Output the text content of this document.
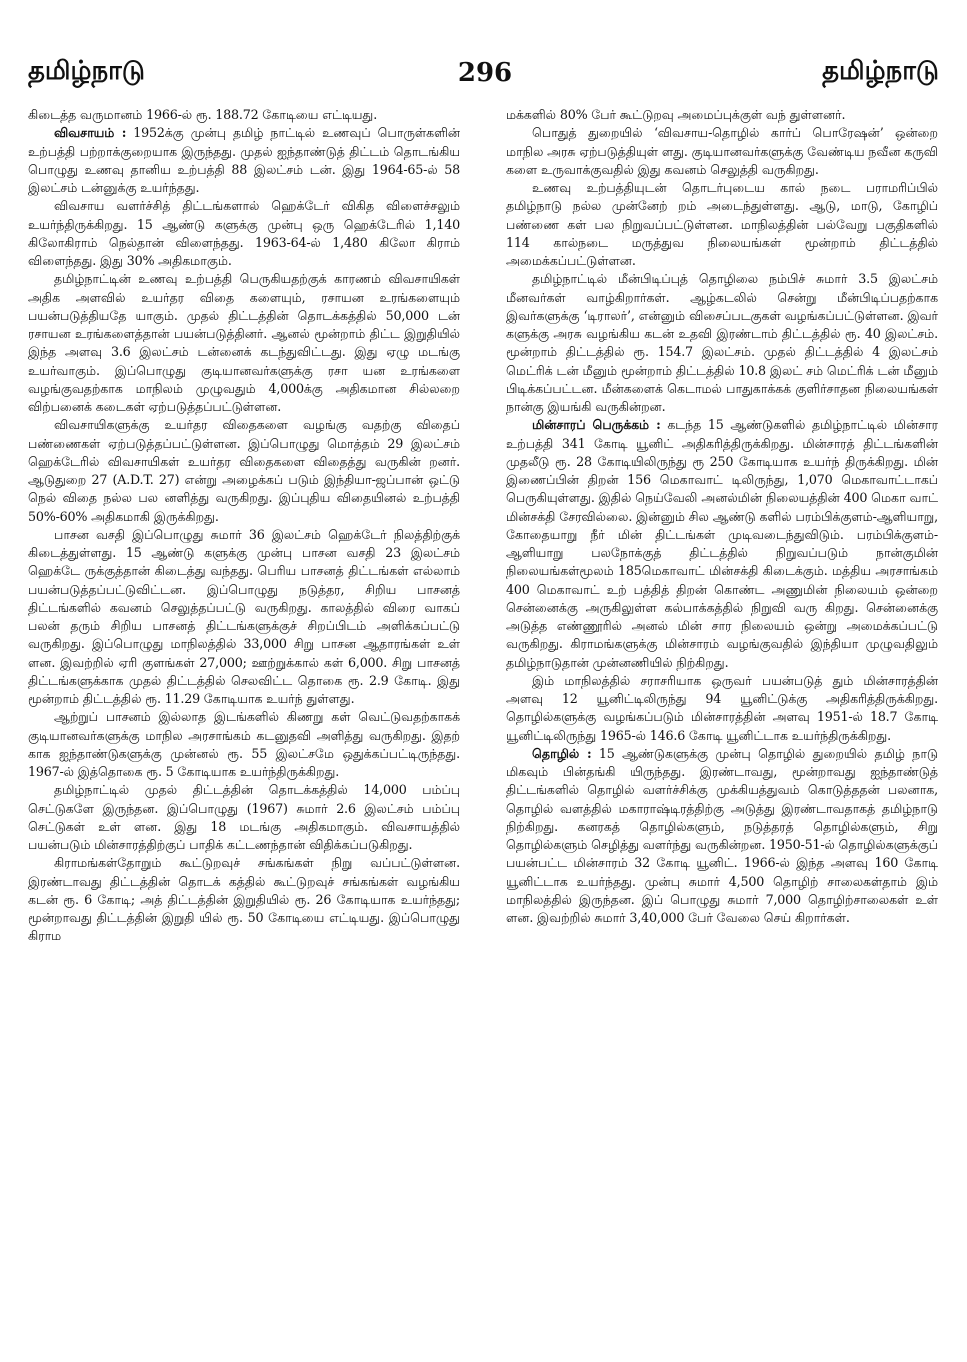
தமிழ்நாடு	296	தமிழ்நாடு

கிடைத்த வருமானம் 1966-ல் ரூ. 188.72 கோடியை எட்டியது.

விவசாயம் : 1952க்கு முன்பு தமிழ் நாட்டில் உணவுப் பொருள்களின் உற்பத்தி பற்றாக்குறையாக இருந்தது. முதல் ஐந்தாண்டுத் திட்டம் தொடங்கிய பொழுது உணவு தானிய உற்பத்தி 88 இலட்சம் டன். இது 1964-65-ல் 58 இலட்சம் டன்னுக்கு உயர்ந்தது.

விவசாய வளர்ச்சித் திட்டங்களால் ஹெக்டேர் விகித விளைச்சலும் உயர்ந்திருக்கிறது. 15 ஆண்டு களுக்கு முன்பு ஒரு ஹெக்டேரில் 1,140 கிலோகிராம் நெல்தான் விளைந்தது. 1963-64-ல் 1,480 கிலோ கிராம் விளைந்தது. இது 30% அதிகமாகும்.

தமிழ்நாட்டின் உணவு உற்பத்தி பெருகியதற்குக் காரணம் விவசாயிகள் அதிக அளவில் உயர்தர விதை களையும், ரசாயன உரங்களையும் பயன்படுத்தியதே யாகும். முதல் திட்டத்தின் தொடக்கத்தில் 50,000 டன் ரசாயன உரங்களைத்தான் பயன்படுத்தினர். ஆனல் மூன்றாம் திட்ட இறுதியில் இந்த அளவு 3.6 இலட்சம் டன்னைக் கடந்துவிட்டது. இது ஏழு மடங்கு உயர்வாகும். இப்பொழுது குடியானவர்களுக்கு ரசா யன உரங்களை வழங்குவதற்காக மாநிலம் முழுவதும் 4,000க்கு அதிகமான சில்லறை விற்பனைக் கடைகள் ஏற்படுத்தப்பட்டுள்ளன.

விவசாயிகளுக்கு உயர்தர விதைகளை வழங்கு வதற்கு விதைப் பண்ணைகள் ஏற்படுத்தப்பட்டுள்ளன. இப்பொழுது மொத்தம் 29 இலட்சம் ஹெக்டேரில் விவசாயிகள் உயர்தர விதைகளை விதைத்து வருகின் றனர். ஆடுதுறை 27 (A.D.T. 27) என்று அழைக்கப் படும் இந்தியா-ஜப்பான் ஒட்டு நெல் விதை நல்ல பல னளித்து வருகிறது. இப்புதிய விதையினல் உற்பத்தி 50%-60% அதிகமாகி இருக்கிறது.

பாசன வசதி இப்பொழுது சுமார் 36 இலட்சம் ஹெக்டேர் நிலத்திற்குக் கிடைத்துள்ளது. 15 ஆண்டு களுக்கு முன்பு பாசன வசதி 23 இலட்சம் ஹெக்டே ருக்குத்தான் கிடைத்து வந்தது. பெரிய பாசனத் திட்டங்கள் எல்லாம் பயன்படுத்தப்பட்டுவிட்டன. இப்பொழுது நடுத்தர, சிறிய பாசனத் திட்டங்களில் கவனம் செலுத்தப்பட்டு வருகிறது. காலத்தில் விரை வாகப் பலன் தரும் சிறிய பாசனத் திட்டங்களுக்குச் சிறப்பிடம் அளிக்கப்பட்டு வருகிறது. இப்பொழுது மாநிலத்தில் 33,000 சிறு பாசன ஆதாரங்கள் உள் ளன. இவற்றில் ஏரி குளங்கள் 27,000; ஊற்றுக்கால் கள் 6,000. சிறு பாசனத் திட்டங்களுக்காக முதல் திட்டத்தில் செலவிட்ட தொகை ரூ. 2.9 கோடி. இது மூன்றாம் திட்டத்தில் ரூ. 11.29 கோடியாக உயர்ந் துள்ளது.

ஆற்றுப் பாசனம் இல்லாத இடங்களில் கிணறு கள் வெட்டுவதற்காகக் குடியானவர்களுக்கு மாநில அரசாங்கம் கடனுதவி அளித்து வருகிறது. இதற் காக ஐந்தாண்டுகளுக்கு முன்னல் ரூ. 55 இலட்சமே ஒதுக்கப்பட்டிருந்தது. 1967-ல் இத்தொகை ரூ. 5 கோடியாக உயர்ந்திருக்கிறது.

தமிழ்நாட்டில் முதல் திட்டத்தின் தொடக்கத்தில் 14,000 பம்ப்பு செட்டுகளே இருந்தன. இப்பொழுது (1967) சுமார் 2.6 இலட்சம் பம்ப்பு செட்டுகள் உள் ளன. இது 18 மடங்கு அதிகமாகும். விவசாயத்தில் பயன்படும் மின்சாரத்திற்குப் பாதிக் கட்டணந்தான் விதிக்கப்படுகிறது.

கிராமங்கள்தோறும் கூட்டுறவுச் சங்கங்கள் நிறு வப்பட்டுள்ளன. இரண்டாவது திட்டத்தின் தொடக் கத்தில் கூட்டுறவுச் சங்கங்கள் வழங்கிய கடன் ரூ. 6 கோடி; அத் திட்டத்தின் இறுதியில் ரூ. 26 கோடியாக உயர்ந்தது; மூன்றாவது திட்டத்தின் இறுதி யில் ரூ. 50 கோடியை எட்டியது. இப்பொழுது கிராம

மக்களில் 80% பேர் கூட்டுறவு அமைப்புக்குள் வந் துள்ளனர்.

பொதுத் துறையில் ‘விவசாய-தொழில் கார்ப் பொரேஷன்’ ஒன்றை மாநில அரசு ஏற்படுத்தியுள் ளது. குடியானவர்களுக்கு வேண்டிய நவீன கருவி களை உருவாக்குவதில் இது கவனம் செலுத்தி வருகிறது.

உணவு உற்பத்தியுடன் தொடர்புடைய கால் நடை பராமரிப்பில் தமிழ்நாடு நல்ல முன்னேற் றம் அடைந்துள்ளது. ஆடு, மாடு, கோழிப் பண்ணை கள் பல நிறுவப்பட்டுள்ளன. மாநிலத்தின் பல்வேறு பகுதிகளில் 114 கால்நடை மருத்துவ நிலையங்கள் மூன்றாம் திட்டத்தில் அமைக்கப்பட்டுள்ளன.

தமிழ்நாட்டில் மீன்பிடிப்புத் தொழிலை நம்பிச் சுமார் 3.5 இலட்சம் மீனவர்கள் வாழ்கிறார்கள். ஆழ்கடலில் சென்று மீன்பிடிப்பதற்காக இவர்களுக்கு ‘டிராலர்’, என்னும் விசைப்படகுகள் வழங்கப்பட்டுள்ளன. இவர் களுக்கு அரசு வழங்கிய கடன் உதவி இரண்டாம் திட்டத்தில் ரூ. 40 இலட்சம். மூன்றாம் திட்டத்தில் ரூ. 154.7 இலட்சம். முதல் திட்டத்தில் 4 இலட்சம் மெட்ரிக் டன் மீனும் மூன்றாம் திட்டத்தில் 10.8 இலட் சம் மெட்ரிக் டன் மீனும் பிடிக்கப்பட்டன. மீன்களைக் கெடாமல் பாதுகாக்கக் குளிர்சாதன நிலையங்கள் நான்கு இயங்கி வருகின்றன.

மின்சாரப் பெருக்கம் : கடந்த 15 ஆண்டுகளில் தமிழ்நாட்டில் மின்சார உற்பத்தி 341 கோடி யூனிட் அதிகரித்திருக்கிறது. மின்சாரத் திட்டங்களின் முதலீடு ரூ. 28 கோடியிலிருந்து ரூ 250 கோடியாக உயர்ந் திருக்கிறது. மின் இணைப்பின் திறன் 156 மெகாவாட் டிலிருந்து, 1,070 மெகாவாட்டாகப் பெருகியுள்ளது. இதில் நெய்வேலி அனல்மின் நிலையத்தின் 400 மெகா வாட் மின்சக்தி சேரவில்லை. இன்னும் சில ஆண்டு களில் பரம்பிக்குளம்-ஆளியாறு, கோதையாறு நீர் மின் திட்டங்கள் முடிவடைந்துவிடும். பரம்பிக்குளம்- ஆளியாறு பலநோக்குத் திட்டத்தில் நிறுவப்படும் நான்குமின் நிலையங்கள்மூலம் 185மெகாவாட் மின்சக்தி கிடைக்கும். மத்திய அரசாங்கம் 400 மெகாவாட் உற் பத்தித் திறன் கொண்ட அணுமின் நிலையம் ஒன்றை சென்னைக்கு அருகிலுள்ள கல்பாக்கத்தில் நிறுவி வரு கிறது. சென்னைக்கு அடுத்த எண்ணூரில் அனல் மின் சார நிலையம் ஒன்று அமைக்கப்பட்டு வருகிறது. கிராமங்களுக்கு மின்சாரம் வழங்குவதில் இந்தியா முழுவதிலும் தமிழ்நாடுதான் முன்னணியில் நிற்கிறது.

இம் மாநிலத்தில் சராசரியாக ஒருவர் பயன்படுத் தும் மின்சாரத்தின் அளவு 12 யூனிட்டிலிருந்து 94 யூனிட்டுக்கு அதிகரித்திருக்கிறது. தொழில்களுக்கு வழங்கப்படும் மின்சாரத்தின் அளவு 1951-ல் 18.7 கோடி யூனிட்டிலிருந்து 1965-ல் 146.6 கோடி யூனிட்டாக உயர்ந்திருக்கிறது.

தொழில் : 15 ஆண்டுகளுக்கு முன்பு தொழில் துறையில் தமிழ் நாடு மிகவும் பின்தங்கி யிருந்தது. இரண்டாவது, மூன்றாவது ஐந்தாண்டுத் திட்டங்களில் தொழில் வளர்ச்சிக்கு முக்கியத்துவம் கொடுத்ததன் பலனாக, தொழில் வளத்தில் மகாராஷ்டிரத்திற்கு அடுத்து இரண்டாவதாகத் தமிழ்நாடு நிற்கிறது. கனரகத் தொழில்களும், நடுத்தரத் தொழில்களும், சிறு தொழில்களும் செழித்து வளர்ந்து வருகின்றன. 1950-51-ல் தொழில்களுக்குப் பயன்பட்ட மின்சாரம் 32 கோடி யூனிட். 1966-ல் இந்த அளவு 160 கோடி யூனிட்டாக உயர்ந்தது. முன்பு சுமார் 4,500 தொழிற் சாலைகள்தாம் இம் மாநிலத்தில் இருந்தன. இப் பொழுது சுமார் 7,000 தொழிற்சாலைகள் உள் ளன. இவற்றில் சுமார் 3,40,000 பேர் வேலை செய் கிறார்கள்.
